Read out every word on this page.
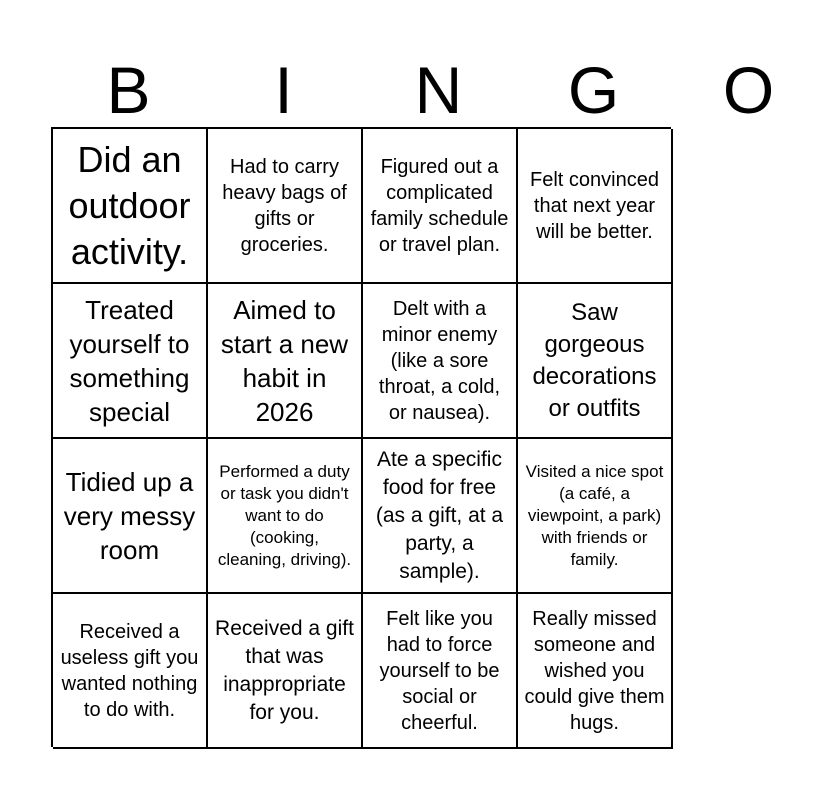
B	I	N	G	O
Did an outdoor activity.
Had to carry heavy bags of gifts or groceries.
Figured out a complicated family schedule or travel plan.
Felt convinced that next year will be better.
Treated yourself to something special
Aimed to start a new habit in 2026
Delt with a minor enemy (like a sore throat, a cold, or nausea).
Saw gorgeous decorations or outfits
Tidied up a very messy room
Performed a duty or task you didn't want to do (cooking, cleaning, driving).
Ate a specific food for free (as a gift, at a party, a sample).
Visited a nice spot (a café, a viewpoint, a park) with friends or family.
Received a useless gift you wanted nothing to do with.
Received a gift that was inappropriate for you.
Felt like you had to force yourself to be social or cheerful.
Really missed someone and wished you could give them hugs.
